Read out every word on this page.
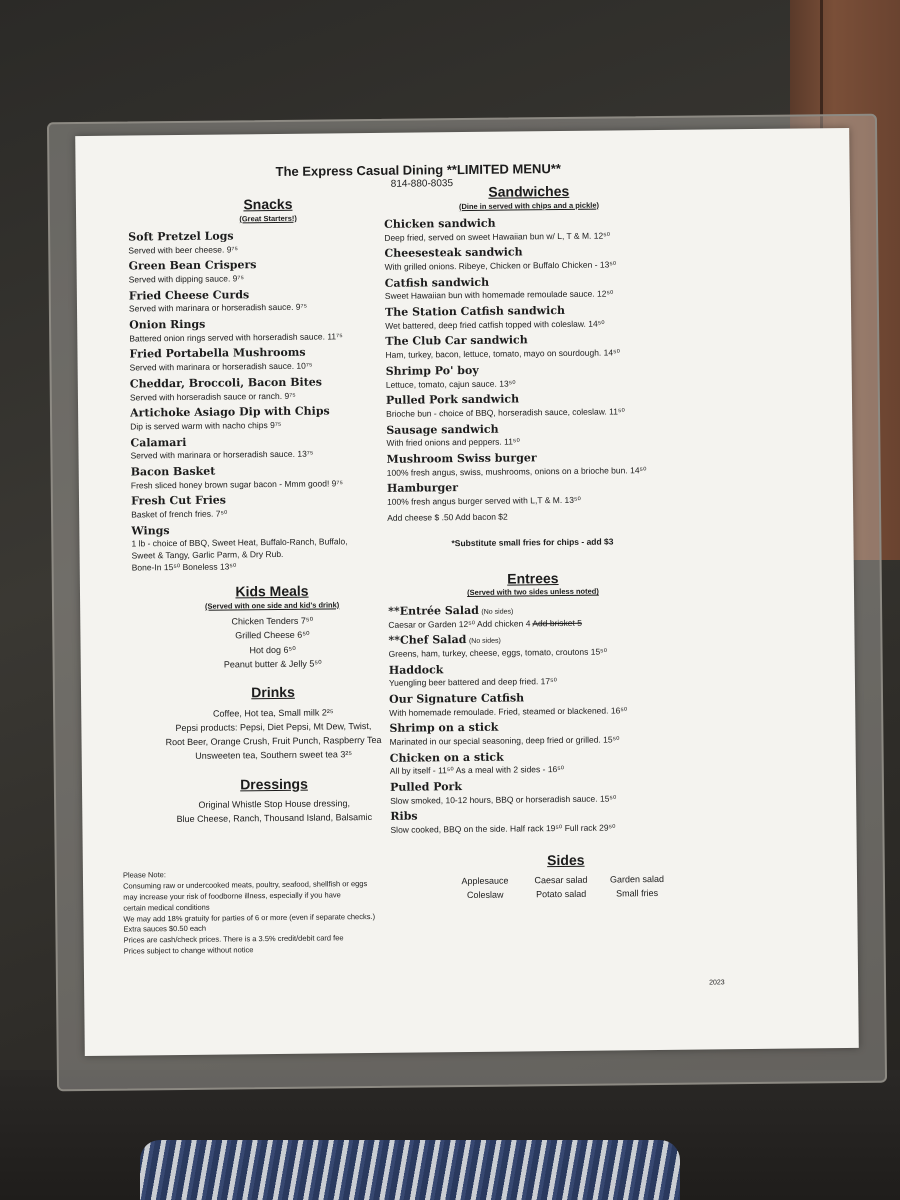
The Express Casual Dining **LIMITED MENU**
814-880-8035
Snacks
(Great Starters!)
Soft Pretzel Logs
Served with beer cheese. 9⁷⁵
Green Bean Crispers
Served with dipping sauce. 9⁷⁵
Fried Cheese Curds
Served with marinara or horseradish sauce. 9⁷⁵
Onion Rings
Battered onion rings served with horseradish sauce. 11⁷⁵
Fried Portabella Mushrooms
Served with marinara or horseradish sauce. 10⁷⁵
Cheddar, Broccoli, Bacon Bites
Served with horseradish sauce or ranch. 9⁷⁵
Artichoke Asiago Dip with Chips
Dip is served warm with nacho chips 9⁷⁵
Calamari
Served with marinara or horseradish sauce. 13⁷⁵
Bacon Basket
Fresh sliced honey brown sugar bacon - Mmm good! 9⁷⁵
Fresh Cut Fries
Basket of french fries. 7⁵⁰
Wings
1 lb - choice of BBQ, Sweet Heat, Buffalo-Ranch, Buffalo,
Sweet & Tangy, Garlic Parm, & Dry Rub.
Bone-In 15⁵⁰ Boneless 13⁵⁰
Kids Meals
(Served with one side and kid's drink)
Chicken Tenders 7⁵⁰
Grilled Cheese 6⁵⁰
Hot dog 6⁵⁰
Peanut butter & Jelly 5⁵⁰
Drinks
Coffee, Hot tea, Small milk 2²⁵
Pepsi products: Pepsi, Diet Pepsi, Mt Dew, Twist,
Root Beer, Orange Crush, Fruit Punch, Raspberry Tea
Unsweeten tea, Southern sweet tea 3²⁵
Dressings
Original Whistle Stop House dressing,
Blue Cheese, Ranch, Thousand Island, Balsamic
Sandwiches
(Dine in served with chips and a pickle)
Chicken sandwich
Deep fried, served on sweet Hawaiian bun w/ L, T & M. 12⁵⁰
Cheesesteak sandwich
With grilled onions. Ribeye, Chicken or Buffalo Chicken - 13⁵⁰
Catfish sandwich
Sweet Hawaiian bun with homemade remoulade sauce. 12⁵⁰
The Station Catfish sandwich
Wet battered, deep fried catfish topped with coleslaw. 14⁵⁰
The Club Car sandwich
Ham, turkey, bacon, lettuce, tomato, mayo on sourdough. 14⁵⁰
Shrimp Po' boy
Lettuce, tomato, cajun sauce. 13⁵⁰
Pulled Pork sandwich
Brioche bun - choice of BBQ, horseradish sauce, coleslaw. 11⁵⁰
Sausage sandwich
With fried onions and peppers. 11⁵⁰
Mushroom Swiss burger
100% fresh angus, swiss, mushrooms, onions on a brioche bun. 14⁵⁰
Hamburger
100% fresh angus burger served with L,T & M. 13⁵⁰
Add cheese $ .50 Add bacon $2
*Substitute small fries for chips - add $3
Entrees
(Served with two sides unless noted)
**Entrée Salad (No sides)
Caesar or Garden 12⁵⁰ Add chicken 4 Add brisket 5
**Chef Salad (No sides)
Greens, ham, turkey, cheese, eggs, tomato, croutons 15⁵⁰
Haddock
Yuengling beer battered and deep fried. 17⁵⁰
Our Signature Catfish
With homemade remoulade. Fried, steamed or blackened. 16⁵⁰
Shrimp on a stick
Marinated in our special seasoning, deep fried or grilled. 15⁵⁰
Chicken on a stick
All by itself - 11⁵⁰ As a meal with 2 sides - 16⁵⁰
Pulled Pork
Slow smoked, 10-12 hours, BBQ or horseradish sauce. 15⁵⁰
Ribs
Slow cooked, BBQ on the side. Half rack 19⁵⁰ Full rack 29⁵⁰
Sides
Applesauce	Caesar salad	Garden salad
Coleslaw	Potato salad	Small fries
Please Note:
Consuming raw or undercooked meats, poultry, seafood, shellfish or eggs
may increase your risk of foodborne illness, especially if you have
certain medical conditions
We may add 18% gratuity for parties of 6 or more (even if separate checks.)
Extra sauces $0.50 each
Prices are cash/check prices. There is a 3.5% credit/debit card fee
Prices subject to change without notice
2023
